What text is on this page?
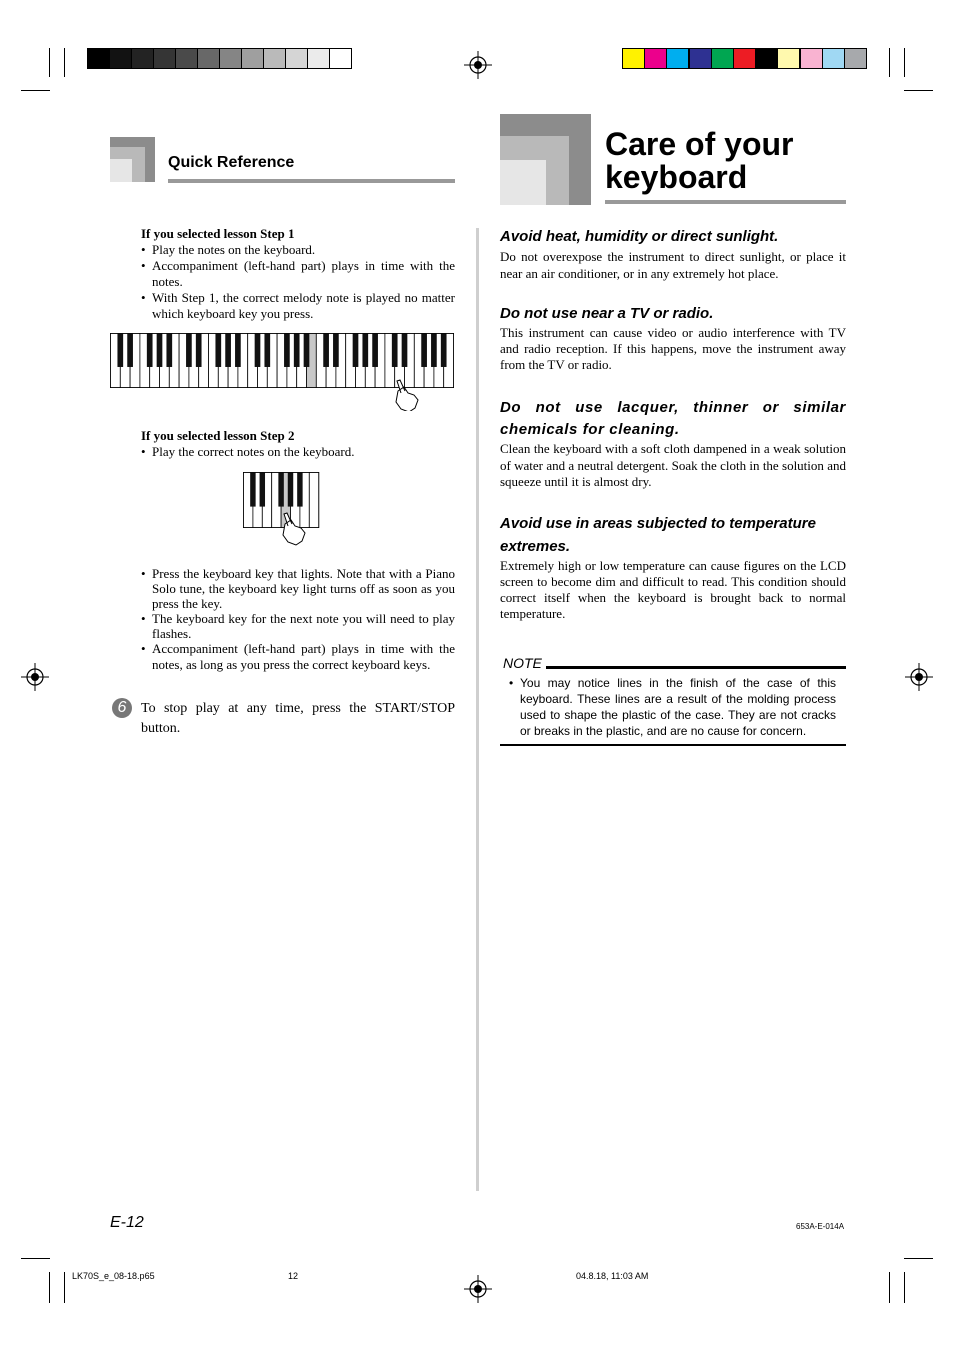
Quick Reference
Care of your
keyboard
If you selected lesson Step 1
• Play the notes on the keyboard.
• Accompaniment (left-hand part) plays in time with the notes.
• With Step 1, the correct melody note is played no matter which keyboard key you press.
If you selected lesson Step 2
• Play the correct notes on the keyboard.
• Press the keyboard key that lights. Note that with a Piano Solo tune, the keyboard key light turns off as soon as you press the key.
• The keyboard key for the next note you will need to play flashes.
• Accompaniment (left-hand part) plays in time with the notes, as long as you press the correct keyboard keys.
6	To stop play at any time, press the START/STOP button.
Avoid heat, humidity or direct sunlight.
Do not overexpose the instrument to direct sunlight, or place it near an air conditioner, or in any extremely hot place.
Do not use near a TV or radio.
This instrument can cause video or audio interference with TV and radio reception. If this happens, move the instrument away from the TV or radio.
Do not use lacquer, thinner or similar chemicals for cleaning.
Clean the keyboard with a soft cloth dampened in a weak solution of water and a neutral detergent. Soak the cloth in the solution and squeeze until it is almost dry.
Avoid use in areas subjected to temperature extremes.
Extremely high or low temperature can cause figures on the LCD screen to become dim and difficult to read. This condition should correct itself when the keyboard is brought back to normal temperature.
NOTE
• You may notice lines in the finish of the case of this keyboard. These lines are a result of the molding process used to shape the plastic of the case. They are not cracks or breaks in the plastic, and are no cause for concern.
E-12	653A-E-014A
LK70S_e_08-18.p65	12	04.8.18, 11:03 AM
